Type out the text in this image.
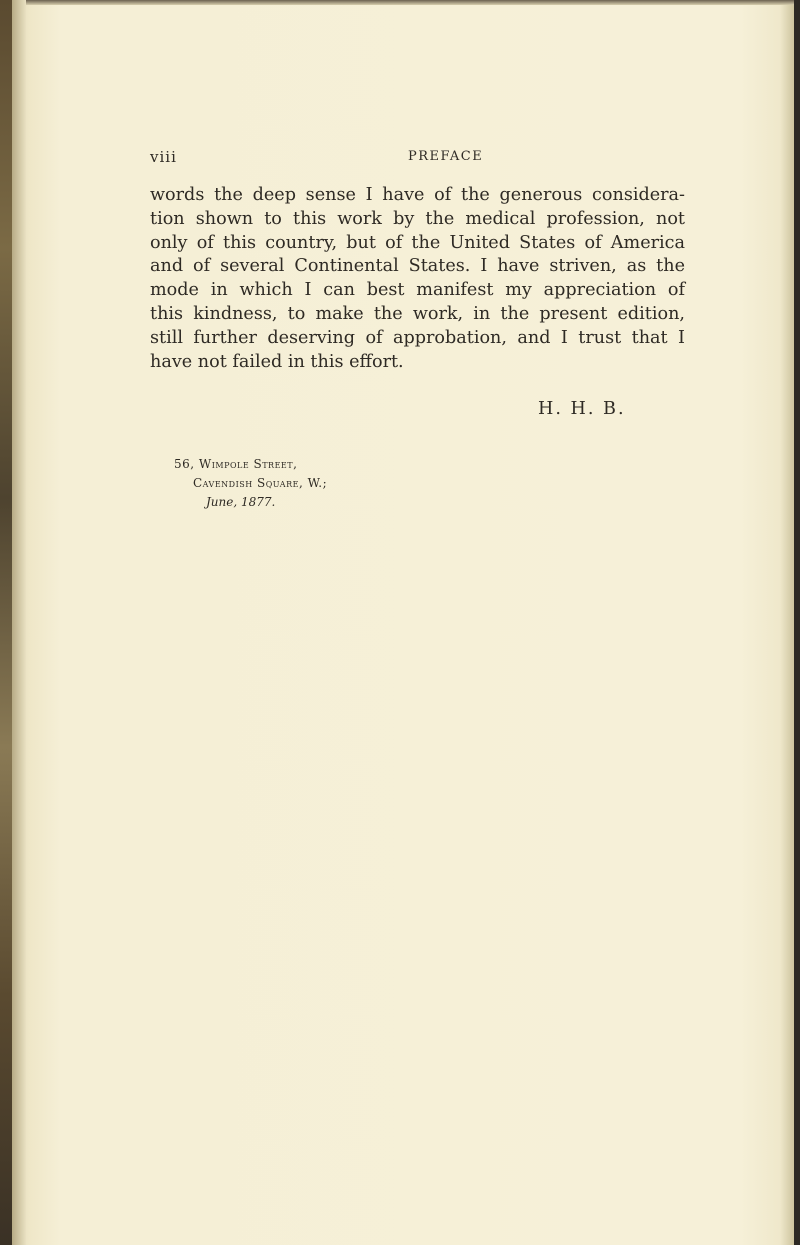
viii	PREFACE
words the deep sense I have of the generous considera-
tion shown to this work by the medical profession, not
only of this country, but of the United States of America
and of several Continental States. I have striven, as the
mode in which I can best manifest my appreciation of
this kindness, to make the work, in the present edition,
still further deserving of approbation, and I trust that I
have not failed in this effort.
H. H. B.
56, Wimpole Street,
Cavendish Square, W.;
June, 1877.
